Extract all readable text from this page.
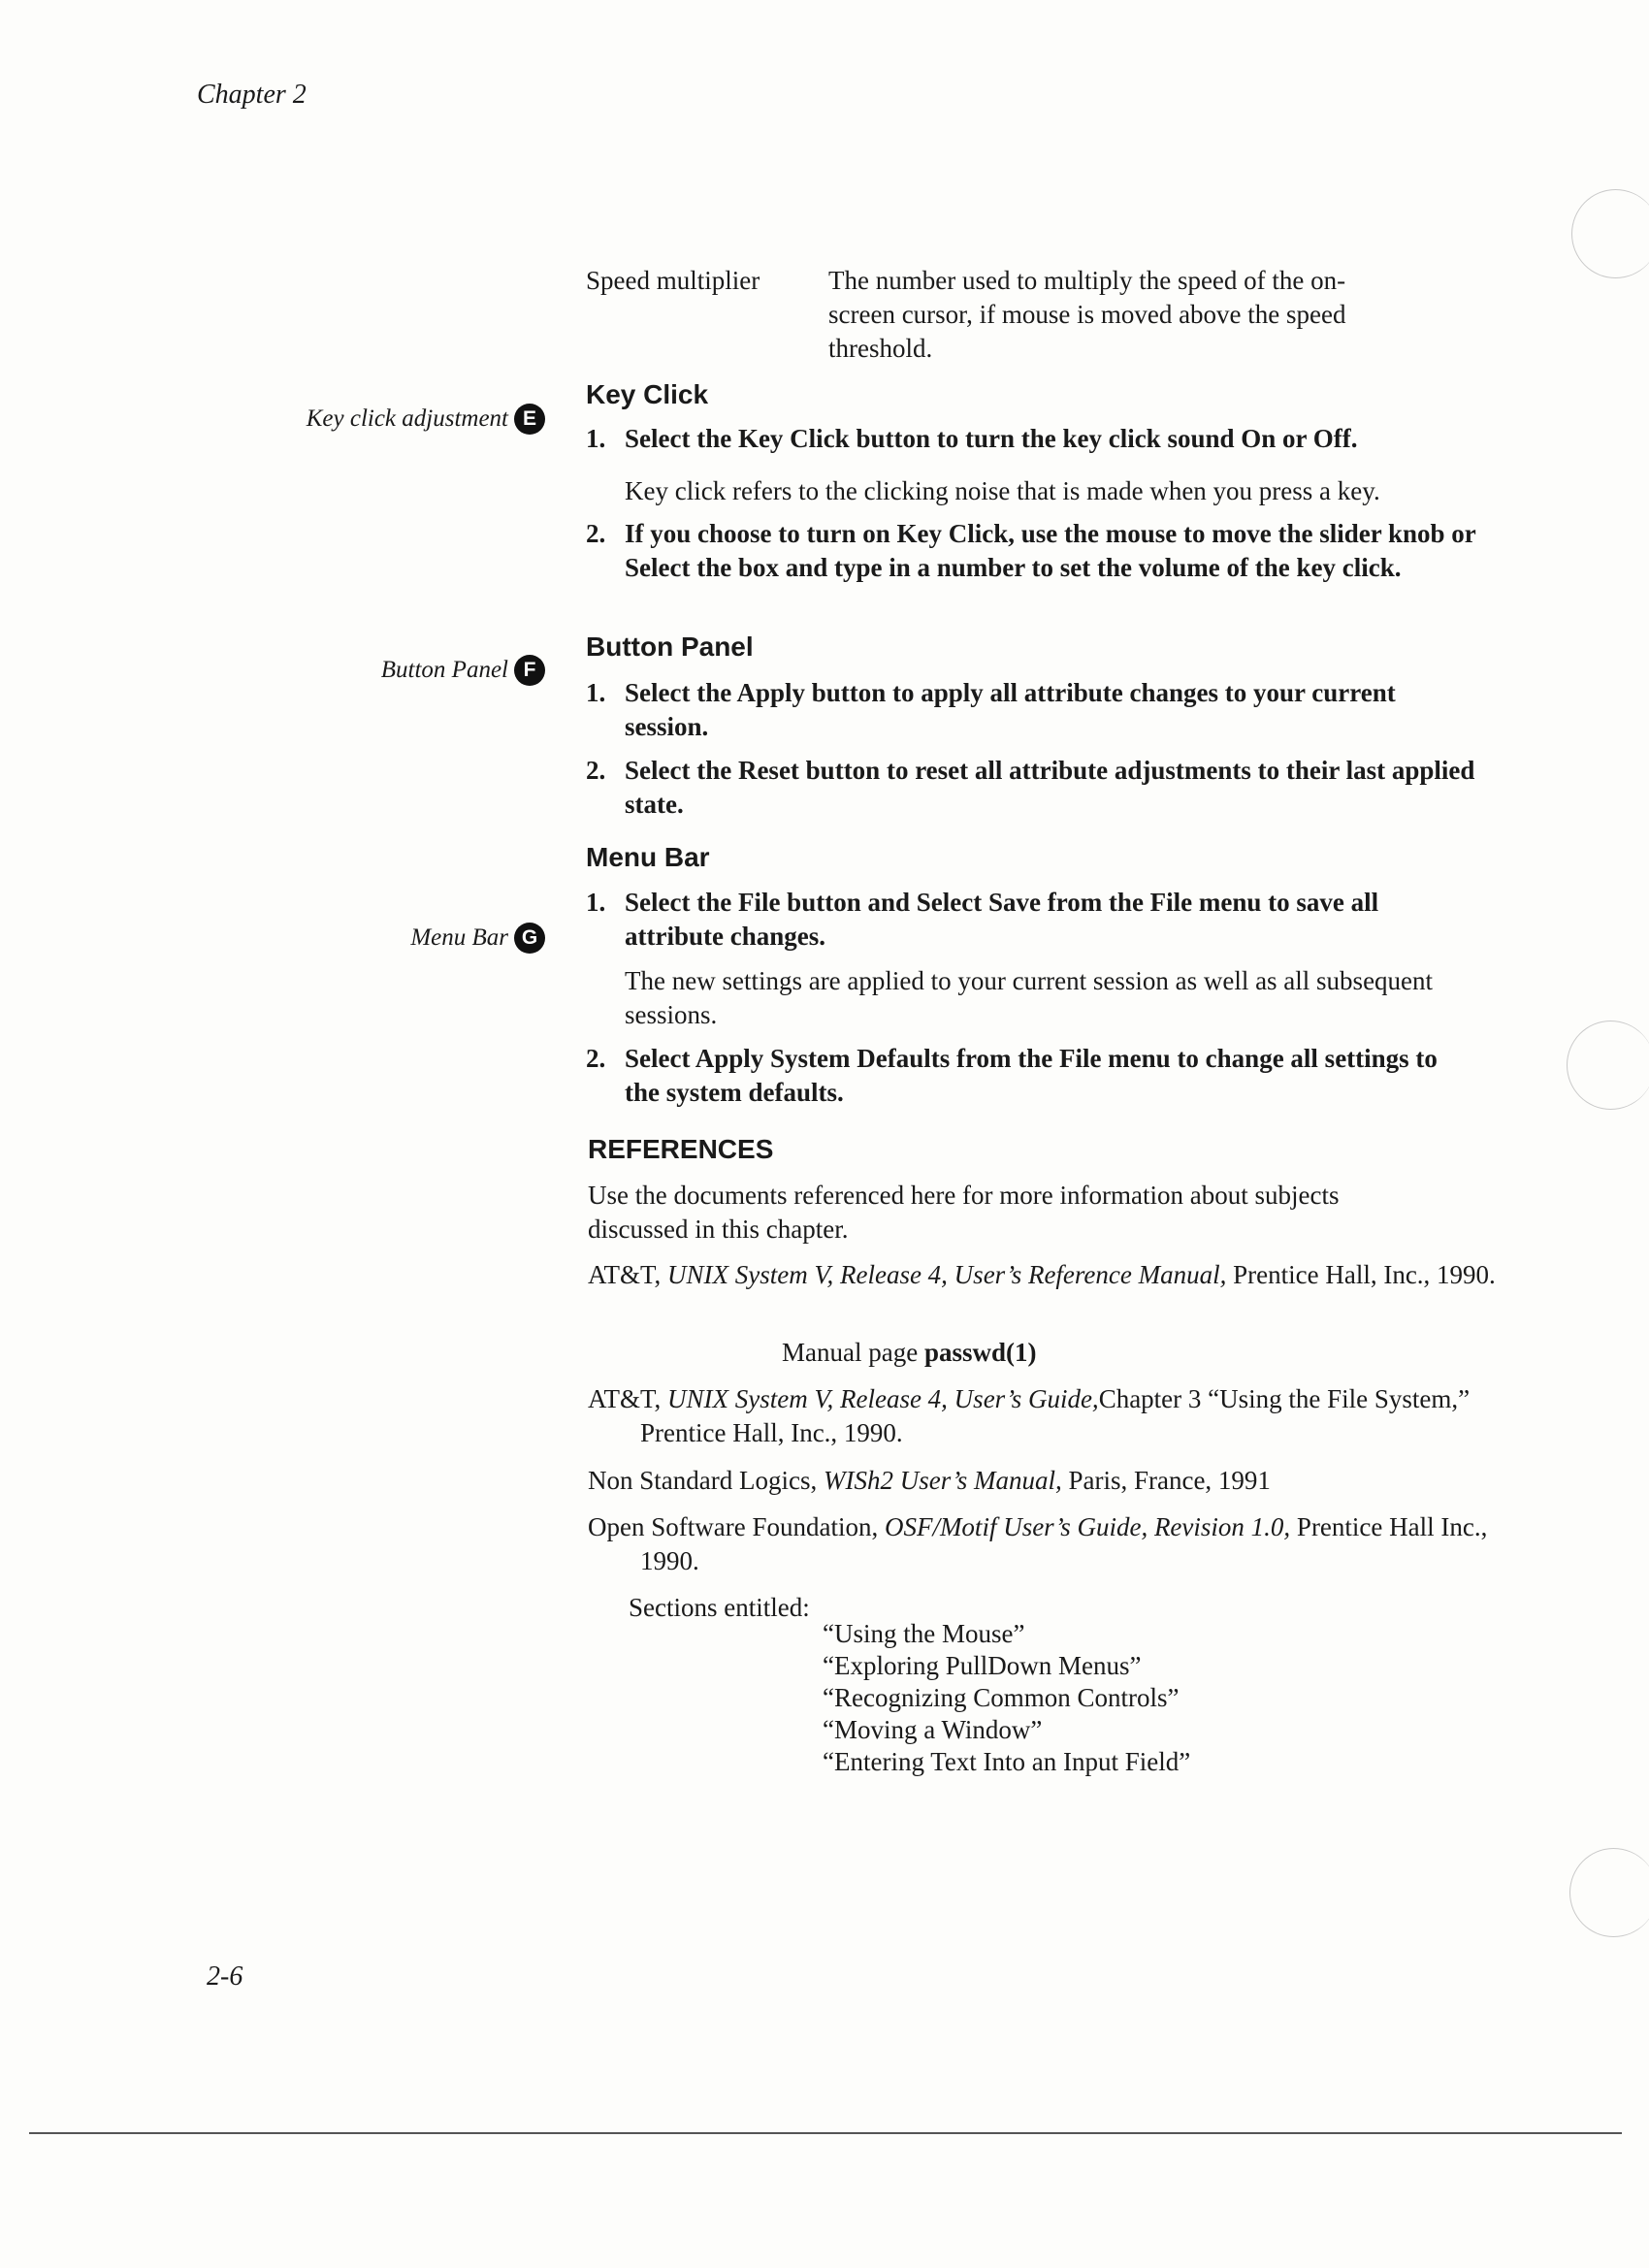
Chapter 2
Key click adjustment E
Button Panel F
Menu Bar G
Speed multiplier	The number used to multiply the speed of the on-screen cursor, if mouse is moved above the speed threshold.
Key Click
1. Select the Key Click button to turn the key click sound On or Off.
Key click refers to the clicking noise that is made when you press a key.
2. If you choose to turn on Key Click, use the mouse to move the slider knob or Select the box and type in a number to set the volume of the key click.
Button Panel
1. Select the Apply button to apply all attribute changes to your current session.
2. Select the Reset button to reset all attribute adjustments to their last applied state.
Menu Bar
1. Select the File button and Select Save from the File menu to save all attribute changes.
The new settings are applied to your current session as well as all subsequent sessions.
2. Select Apply System Defaults from the File menu to change all settings to the system defaults.
REFERENCES
Use the documents referenced here for more information about subjects discussed in this chapter.
AT&T, UNIX System V, Release 4, User’s Reference Manual, Prentice Hall, Inc., 1990.
Manual page passwd(1)
AT&T, UNIX System V, Release 4, User’s Guide,Chapter 3 “Using the File System,” Prentice Hall, Inc., 1990.
Non Standard Logics, WISh2 User’s Manual, Paris, France, 1991
Open Software Foundation, OSF/Motif User’s Guide, Revision 1.0, Prentice Hall Inc., 1990.
Sections entitled:
“Using the Mouse”
“Exploring PullDown Menus”
“Recognizing Common Controls”
“Moving a Window”
“Entering Text Into an Input Field”
2-6
